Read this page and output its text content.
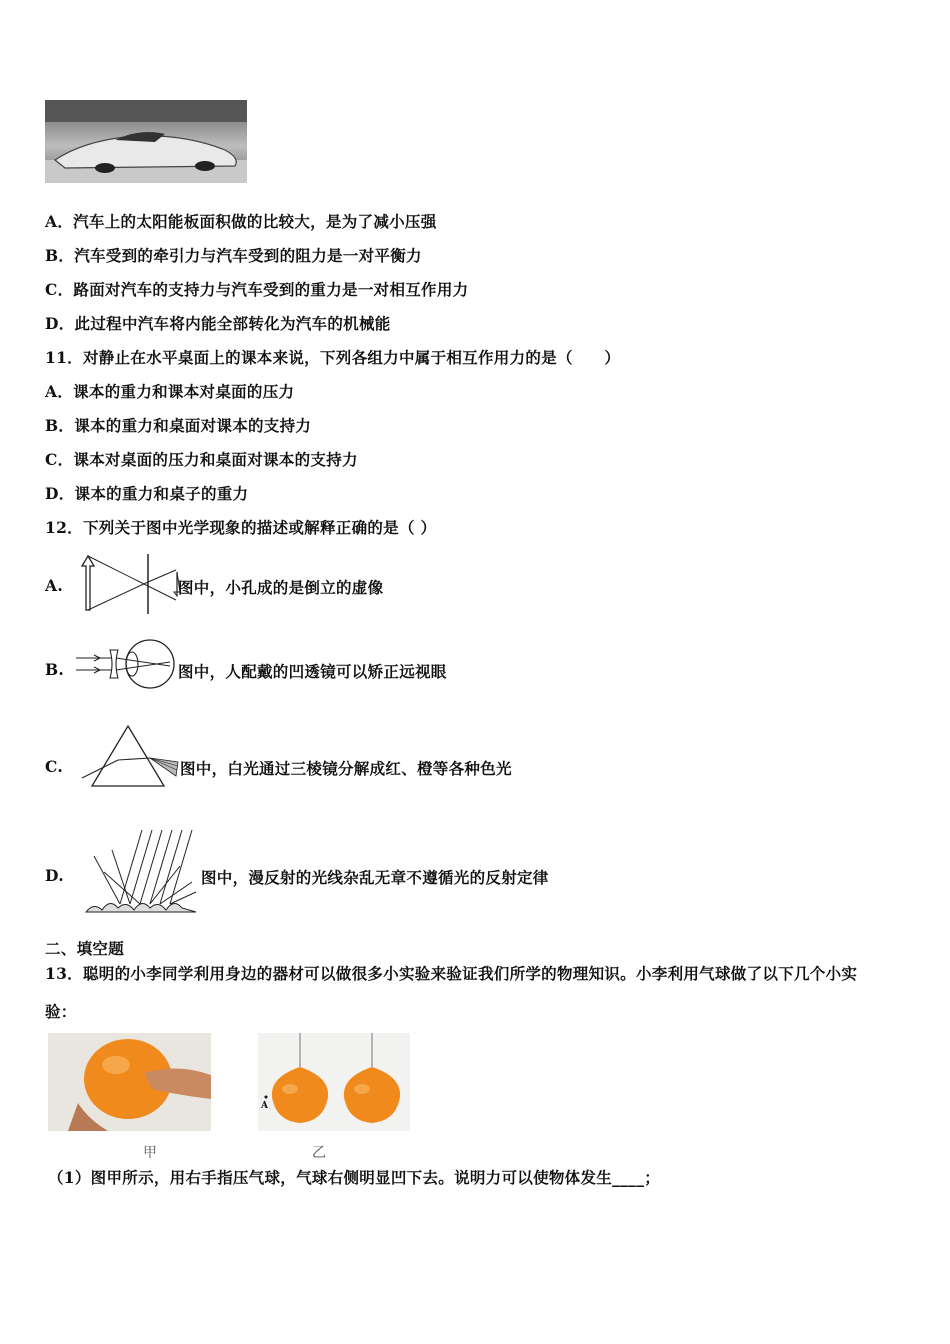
A．汽车上的太阳能板面积做的比较大，是为了减小压强
B．汽车受到的牵引力与汽车受到的阻力是一对平衡力
C．路面对汽车的支持力与汽车受到的重力是一对相互作用力
D．此过程中汽车将内能全部转化为汽车的机械能
11．对静止在水平桌面上的课本来说，下列各组力中属于相互作用力的是（　　）
A．课本的重力和课本对桌面的压力
B．课本的重力和桌面对课本的支持力
C．课本对桌面的压力和桌面对课本的支持力
D．课本的重力和桌子的重力
12．下列关于图中光学现象的描述或解释正确的是（ ）
A.	图中，小孔成的是倒立的虚像
B.	图中，人配戴的凹透镜可以矫正远视眼
C.	图中，白光通过三棱镜分解成红、橙等各种色光
D.	图中，漫反射的光线杂乱无章不遵循光的反射定律
二、填空题
13．聪明的小李同学利用身边的器材可以做很多小实验来验证我们所学的物理知识。小李利用气球做了以下几个小实
验：
甲
A
乙
（1）图甲所示，用右手指压气球，气球右侧明显凹下去。说明力可以使物体发生____；
